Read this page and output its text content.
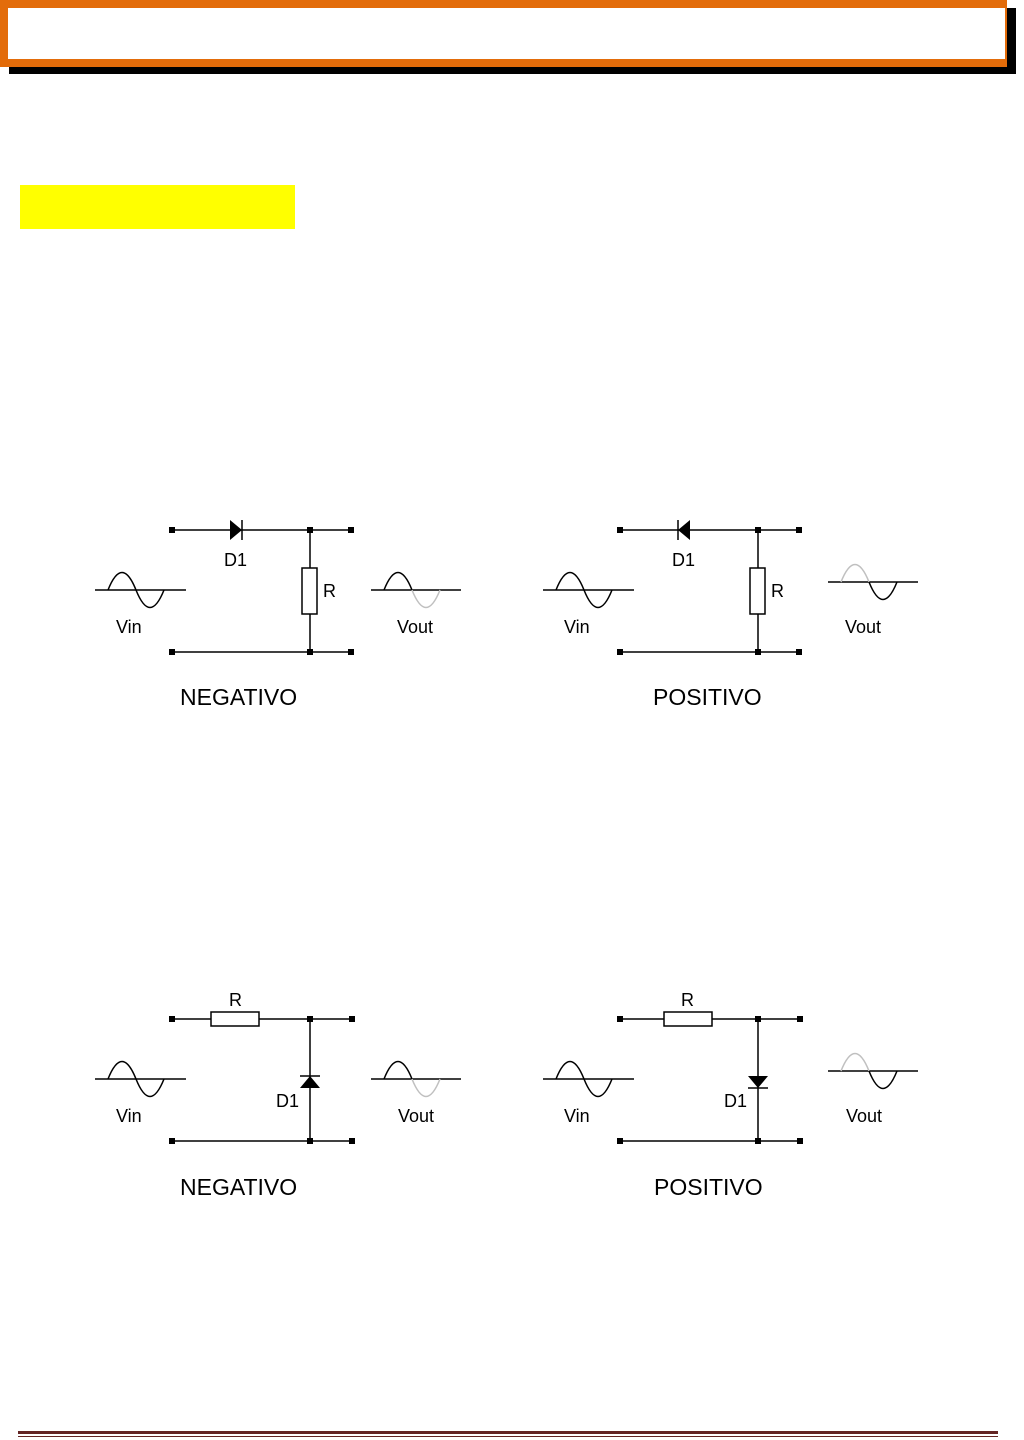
D1
R
Vin	Vout
D1
R
Vin	Vout
R
D1
Vin	Vout
R
D1
Vin	Vout
NEGATIVO	POSITIVO
NEGATIVO	POSITIVO
